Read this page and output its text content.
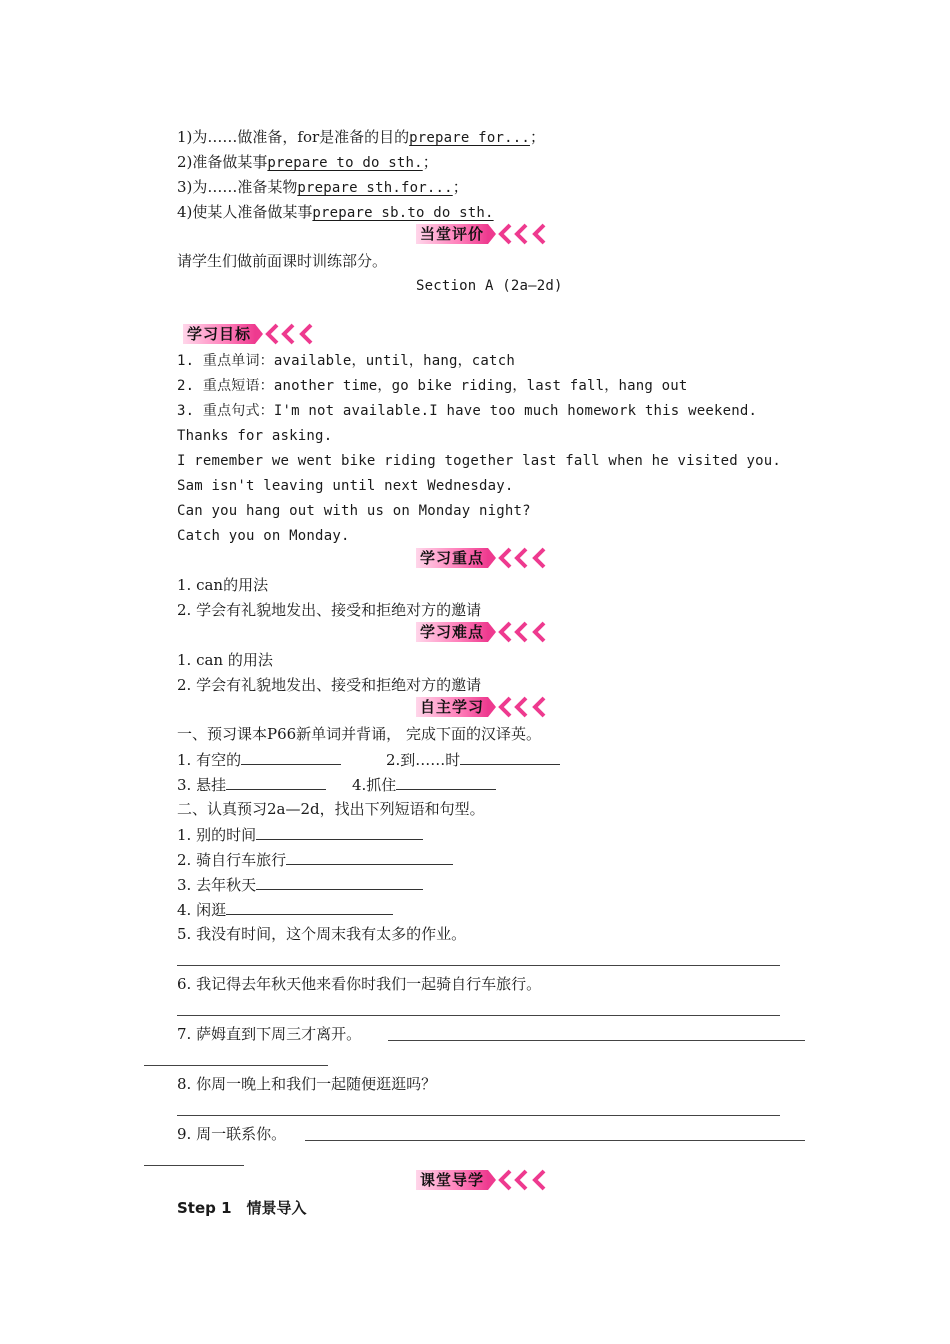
1)为……做准备，for是准备的目的prepare for...；
2)准备做某事prepare to do sth.；
3)为……准备某物prepare sth.for...；
4)使某人准备做某事prepare sb.to do sth.
当堂评价
请学生们做前面课时训练部分。
Section A (2a—2d)
学习目标
1. 重点单词：available，until，hang，catch
2. 重点短语：another time，go bike riding，last fall，hang out
3. 重点句式：I'm not available.I have too much homework this weekend.
Thanks for asking.
I remember we went bike riding together last fall when he visited you.
Sam isn't leaving until next Wednesday.
Can you hang out with us on Monday night?
Catch you on Monday.
学习重点
1. can的用法
2. 学会有礼貌地发出、接受和拒绝对方的邀请
学习难点
1. can 的用法
2. 学会有礼貌地发出、接受和拒绝对方的邀请
自主学习
一、预习课本P66新单词并背诵， 完成下面的汉译英。
1. 有空的	2.到……时
3. 悬挂	4.抓住
二、认真预习2a—2d，找出下列短语和句型。
1. 别的时间
2. 骑自行车旅行
3. 去年秋天
4. 闲逛
5. 我没有时间，这个周末我有太多的作业。
6. 我记得去年秋天他来看你时我们一起骑自行车旅行。
7. 萨姆直到下周三才离开。
8. 你周一晚上和我们一起随便逛逛吗？
9. 周一联系你。
课堂导学
Step 1　情景导入
